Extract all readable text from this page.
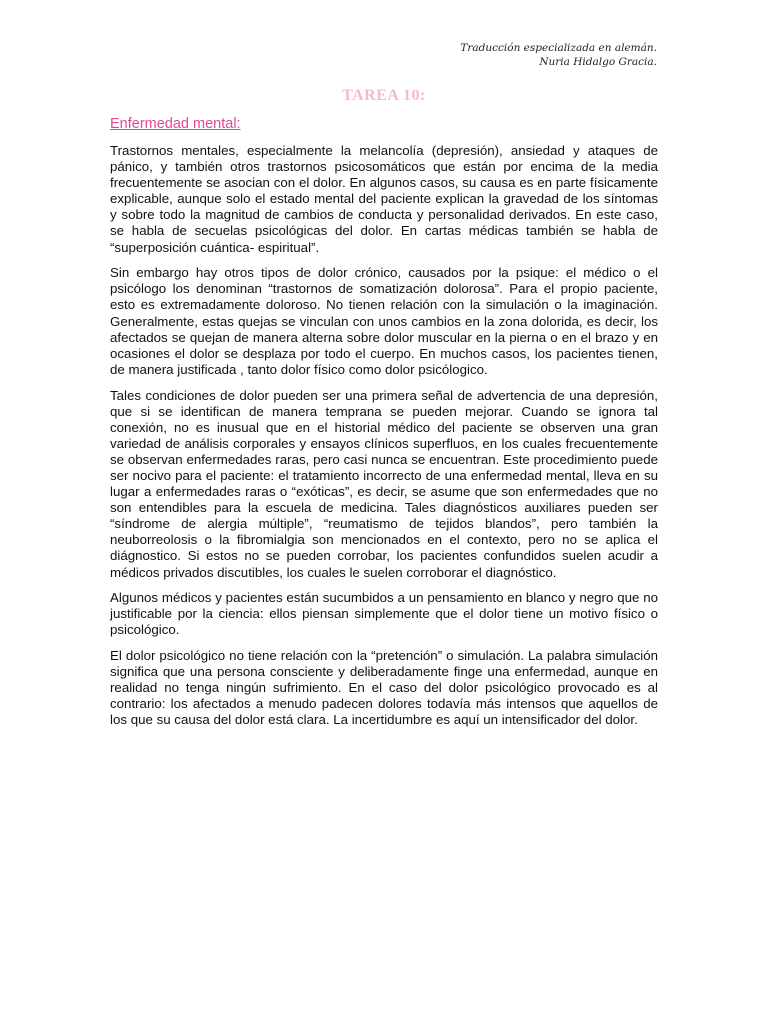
Traducción especializada en alemán.
Nuria Hidalgo Gracia.
TAREA 10:
Enfermedad mental:

Trastornos mentales, especialmente la melancolía (depresión), ansiedad y ataques de pánico, y también otros trastornos psicosomáticos que están por encima de la media frecuentemente se asocian con el dolor. En algunos casos, su causa es en parte físicamente explicable, aunque solo el estado mental del paciente explican la gravedad de los síntomas y sobre todo la magnitud de cambios de conducta y personalidad derivados. En este caso, se habla de secuelas psicológicas del dolor. En cartas médicas también se habla de “superposición cuántica- espiritual”.

Sin embargo hay otros tipos de dolor crónico, causados por la psique: el médico o el psicólogo los denominan “trastornos de somatización dolorosa”. Para el propio paciente, esto es extremadamente doloroso. No tienen relación con la simulación o la imaginación. Generalmente, estas quejas se vinculan con unos cambios en la zona dolorida, es decir, los afectados se quejan de manera alterna sobre dolor muscular en la pierna o en el brazo y en ocasiones el dolor se desplaza por todo el cuerpo. En muchos casos, los pacientes tienen, de manera justificada , tanto dolor físico como dolor psicólogico.

Tales condiciones de dolor pueden ser una primera señal de advertencia de una depresión, que si se identifican de manera temprana se pueden mejorar. Cuando se ignora tal conexión, no es inusual que en el historial médico del paciente se observen una gran variedad de análisis corporales y ensayos clínicos superfluos, en los cuales frecuentemente se observan enfermedades raras, pero casi nunca se encuentran. Este procedimiento puede ser nocivo para el paciente: el tratamiento incorrecto de una enfermedad mental, lleva en su lugar a enfermedades raras o “exóticas”, es decir, se asume que son enfermedades que no son entendibles para la escuela de medicina. Tales diagnósticos auxiliares pueden ser “síndrome de alergia múltiple”, “reumatismo de tejidos blandos”, pero también la neuborreolosis o la fibromialgia son mencionados en el contexto, pero no se aplica el diágnostico. Si estos no se pueden corrobar, los pacientes confundidos suelen acudir a médicos privados discutibles, los cuales le suelen corroborar el diagnóstico.

Algunos médicos y pacientes están sucumbidos a un pensamiento en blanco y negro que no justificable por la ciencia: ellos piensan simplemente que el dolor tiene un motivo físico o psicológico.

El dolor psicológico no tiene relación con la “pretención” o simulación. La palabra simulación significa que una persona consciente y deliberadamente finge una enfermedad, aunque en realidad no tenga ningún sufrimiento. En el caso del dolor psicológico provocado es al contrario: los afectados a menudo padecen dolores todavía más intensos que aquellos de los que su causa del dolor está clara. La incertidumbre es aquí un intensificador del dolor.
